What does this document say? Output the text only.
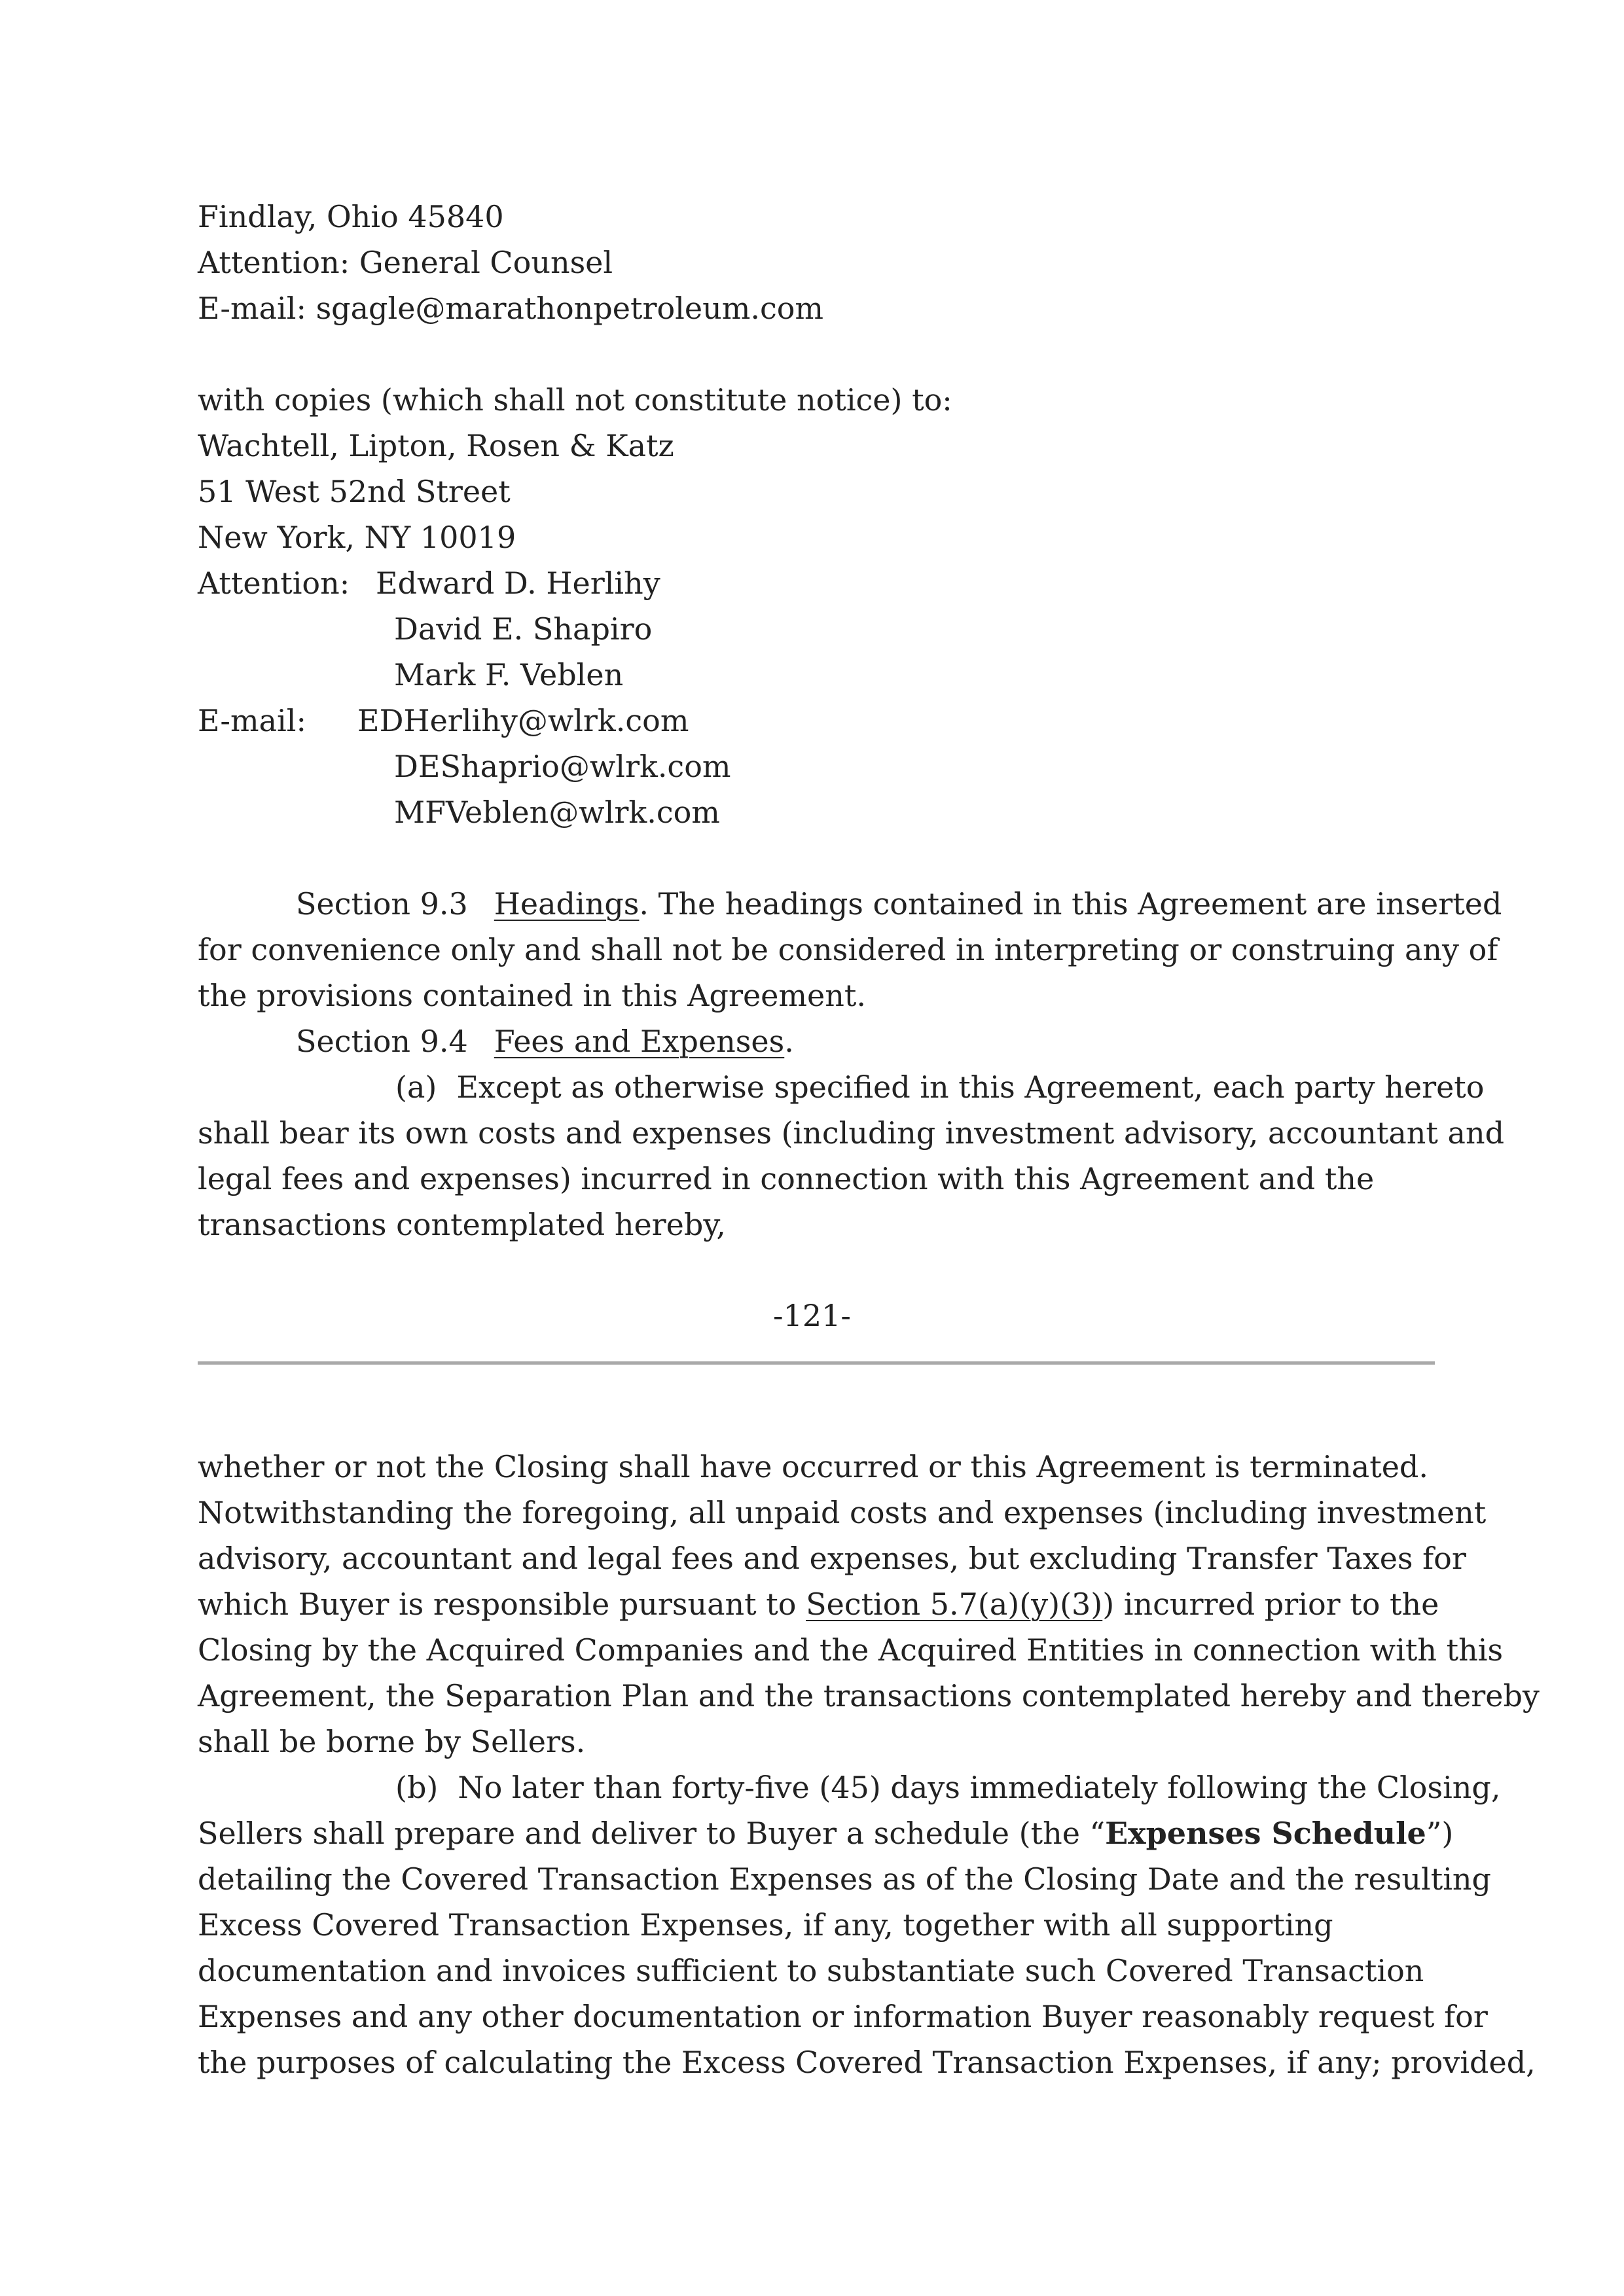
Findlay, Ohio 45840
Attention: General Counsel
E-mail: sgagle@marathonpetroleum.com
with copies (which shall not constitute notice) to:
Wachtell, Lipton, Rosen & Katz
51 West 52nd Street
New York, NY 10019
Attention: Edward D. Herlihy
David E. Shapiro
Mark F. Veblen
E-mail: EDHerlihy@wlrk.com
DEShaprio@wlrk.com
MFVeblen@wlrk.com
Section 9.3 Headings. The headings contained in this Agreement are inserted
for convenience only and shall not be considered in interpreting or construing any of
the provisions contained in this Agreement.
Section 9.4 Fees and Expenses.
(a) Except as otherwise specified in this Agreement, each party hereto
shall bear its own costs and expenses (including investment advisory, accountant and
legal fees and expenses) incurred in connection with this Agreement and the
transactions contemplated hereby,
-121-
whether or not the Closing shall have occurred or this Agreement is terminated.
Notwithstanding the foregoing, all unpaid costs and expenses (including investment
advisory, accountant and legal fees and expenses, but excluding Transfer Taxes for
which Buyer is responsible pursuant to Section 5.7(a)(y)(3)) incurred prior to the
Closing by the Acquired Companies and the Acquired Entities in connection with this
Agreement, the Separation Plan and the transactions contemplated hereby and thereby
shall be borne by Sellers.
(b) No later than forty-five (45) days immediately following the Closing,
Sellers shall prepare and deliver to Buyer a schedule (the “Expenses Schedule”)
detailing the Covered Transaction Expenses as of the Closing Date and the resulting
Excess Covered Transaction Expenses, if any, together with all supporting
documentation and invoices sufficient to substantiate such Covered Transaction
Expenses and any other documentation or information Buyer reasonably request for
the purposes of calculating the Excess Covered Transaction Expenses, if any; provided,
